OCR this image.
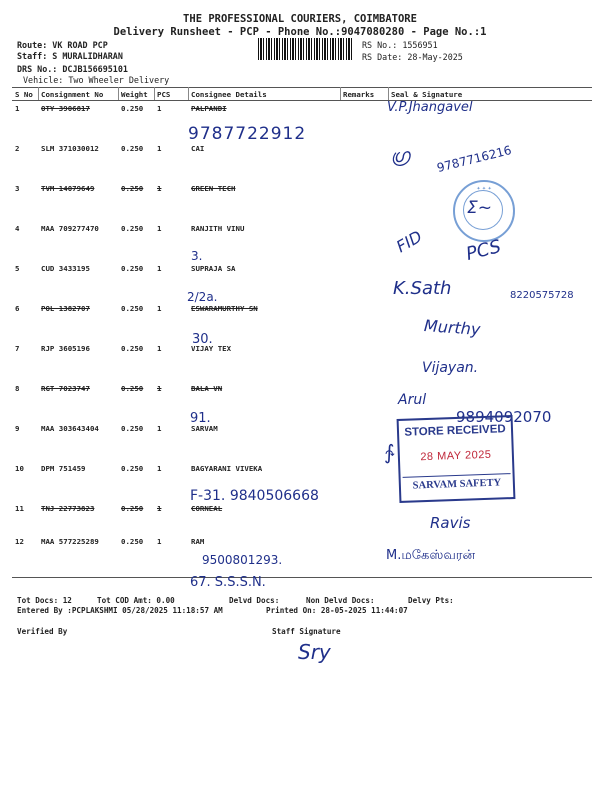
THE PROFESSIONAL COURIERS, COIMBATORE
Delivery Runsheet - PCP - Phone No.:9047080280 - Page No.:1
Route: VK ROAD PCP
Staff: S MURALIDHARAN
DRS No.: DCJB156695101
Vehicle: Two Wheeler Delivery
RS No.: 1556951
RS Date: 28-May-2025
S No	Consignment No	Weight	PCS	Consignee Details	Remarks	Seal & Signature
1	OTY 3906817	0.250	1	PALPANDI		
2	SLM 371030012	0.250	1	CAI		
3	TVM 14079649	0.250	1	GREEN TECH		
4	MAA 709277470	0.250	1	RANJITH VINU		
5	CUD 3433195	0.250	1	SUPRAJA SA		
6	POL 1382707	0.250	1	ESWARAMURTHY SN		
7	RJP 3605196	0.250	1	VIJAY TEX		
8	RGT 7023747	0.250	1	BALA VN		
9	MAA 303643404	0.250	1	SARVAM		
10	DPM 751459	0.250	1	BAGYARANI VIVEKA		
11	TNJ 22773823	0.250	1	CORNEAL		
12	MAA 577225289	0.250	1	RAM		
V.P.Jhangavel
9787722912
ഗ്ര 9787716216
✦ ✦ ✦
Ʃ~
FID PCS
3.
K.Sath	8220575728
2/2a.
30.
Murthy
Vijayan.
91.
Arul
9894092070
STORE RECEIVED
28 MAY 2025
SARVAM SAFETY
∱
F-31. 9840506668
Ravis
9500801293.
67. S.S.S.N.
M.மகேஸ்வரன்
Tot Docs: 12	Tot COD Amt: 0.00	Delvd Docs:	Non Delvd Docs:	Delvy Pts:
Entered By :PCPLAKSHMI 05/28/2025 11:18:57 AM	Printed On: 28-05-2025 11:44:07
Verified By	Staff Signature
Sry
